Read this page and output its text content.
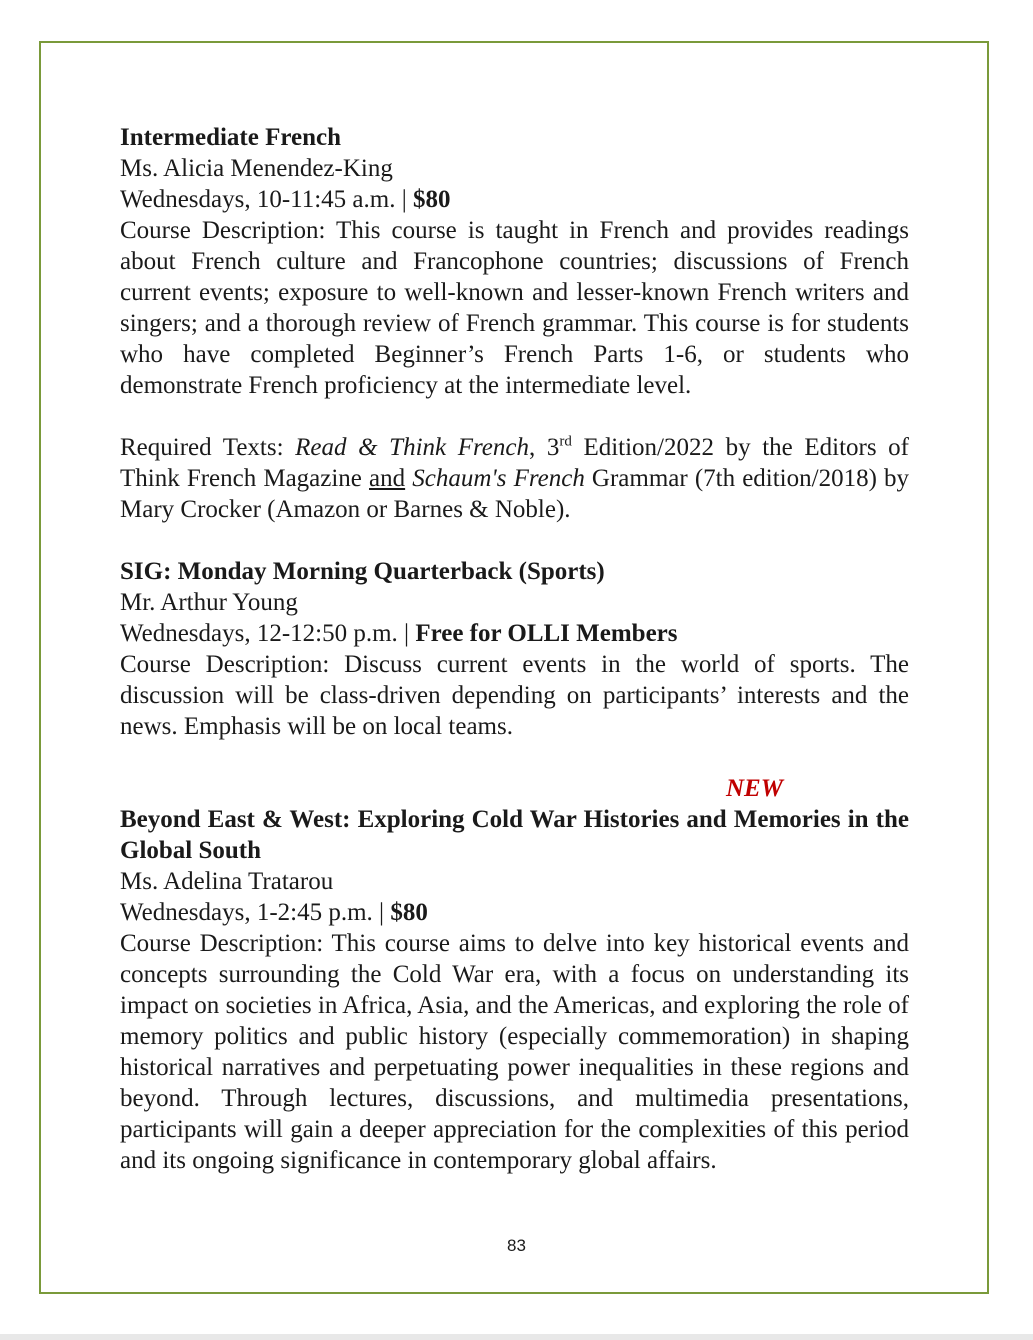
Intermediate French

Ms. Alicia Menendez-King

Wednesdays, 10-11:45 a.m. | $80

Course Description: This course is taught in French and provides readings about French culture and Francophone countries; discussions of French current events; exposure to well-known and lesser-known French writers and singers; and a thorough review of French grammar. This course is for students who have completed Beginner’s French Parts 1-6, or students who demonstrate French proficiency at the intermediate level.

Required Texts: Read & Think French, 3rd Edition/2022 by the Editors of Think French Magazine and Schaum's French Grammar (7th edition/2018) by Mary Crocker (Amazon or Barnes & Noble).

SIG: Monday Morning Quarterback (Sports)

Mr. Arthur Young

Wednesdays, 12-12:50 p.m. | Free for OLLI Members

Course Description: Discuss current events in the world of sports. The discussion will be class-driven depending on participants’ interests and the news. Emphasis will be on local teams.

NEW

Beyond East & West: Exploring Cold War Histories and Memories in the Global South

Ms. Adelina Tratarou

Wednesdays, 1-2:45 p.m. | $80

Course Description: This course aims to delve into key historical events and concepts surrounding the Cold War era, with a focus on understanding its impact on societies in Africa, Asia, and the Americas, and exploring the role of memory politics and public history (especially commemoration) in shaping historical narratives and perpetuating power inequalities in these regions and beyond. Through lectures, discussions, and multimedia presentations, participants will gain a deeper appreciation for the complexities of this period and its ongoing significance in contemporary global affairs.

83
